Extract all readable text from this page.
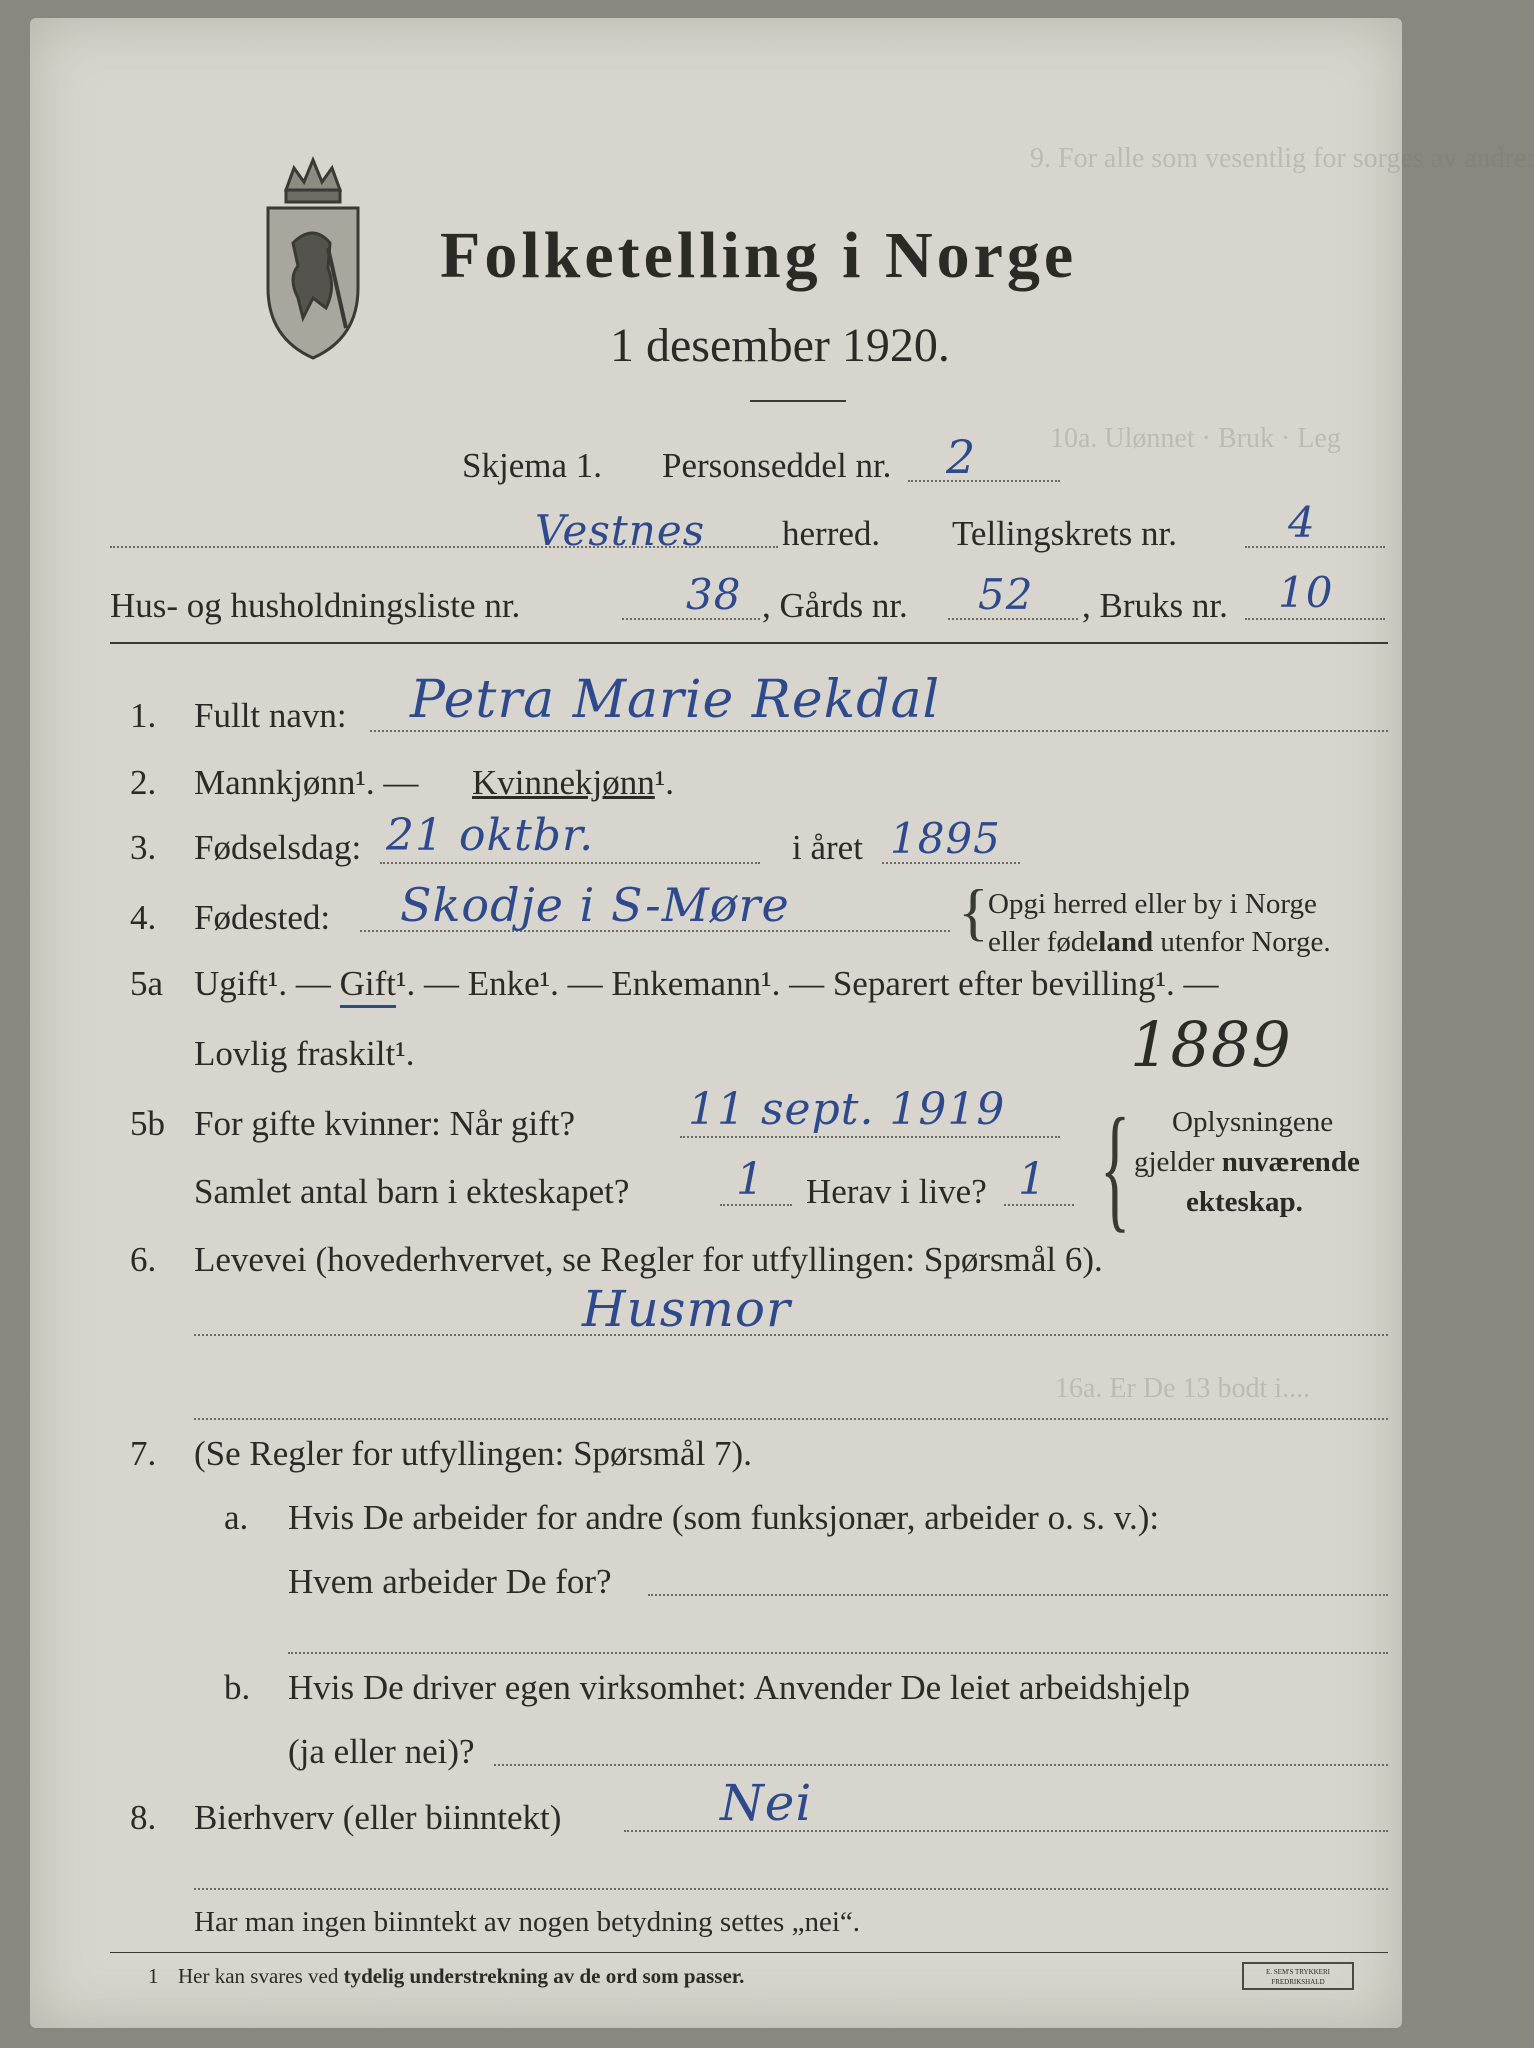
9. For alle som vesentlig for sorges av andre:
10a. Ulønnet · Bruk · Leg
16a. Er De 13 bodt i....
Folketelling i Norge
1 desember 1920.
Skjema 1. Personseddel nr. 2
Vestnes herred. Tellingskrets nr.	4
Hus- og husholdningsliste nr.	38 , Gårds nr. 52 , Bruks nr. 10
1. Fullt navn: Petra Marie Rekdal
2. Mannkjønn¹. — Kvinnekjønn¹.
3. Fødselsdag: 21 oktbr.	i året 1895
4. Fødested: Skodje i S-Møre	{ Opgi herred eller by i Norge
eller fødeland utenfor Norge.
5a Ugift¹. — Gift¹. — Enke¹. — Enkemann¹. — Separert efter bevilling¹. —
Lovlig fraskilt¹.	1889
5b For gifte kvinner: Når gift?	11 sept. 1919
Samlet antal barn i ekteskapet? 1 Herav i live? 1 { Oplysningene
gjelder nuværende
ekteskap.
6. Levevei (hovederhvervet, se Regler for utfyllingen: Spørsmål 6).
Husmor
7. (Se Regler for utfyllingen: Spørsmål 7).
a. Hvis De arbeider for andre (som funksjonær, arbeider o. s. v.):
Hvem arbeider De for?
b. Hvis De driver egen virksomhet: Anvender De leiet arbeidshjelp
(ja eller nei)?
8. Bierhverv (eller biinntekt)	Nei
Har man ingen biinntekt av nogen betydning settes „nei“.
1 Her kan svares ved tydelig understrekning av de ord som passer.	E. SEM'S TRYKKERI
FREDRIKSHALD
